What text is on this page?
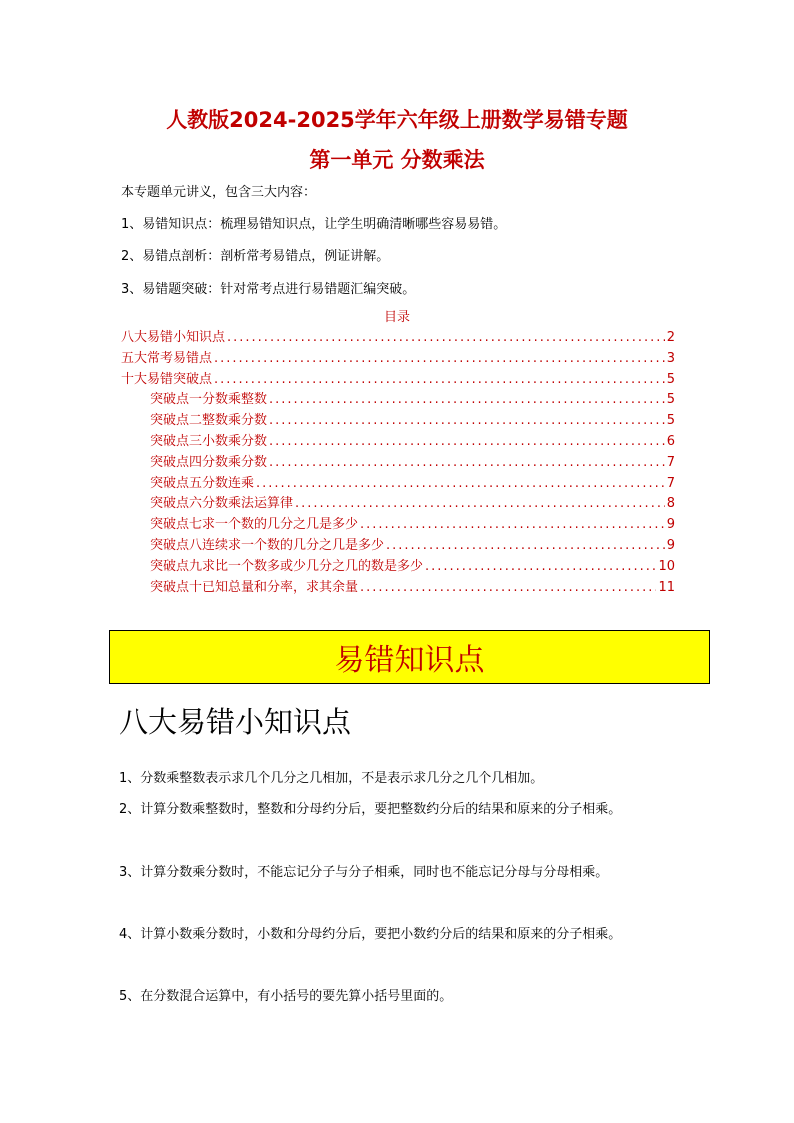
人教版2024-2025学年六年级上册数学易错专题
第一单元 分数乘法
本专题单元讲义，包含三大内容：
1、易错知识点：梳理易错知识点，让学生明确清晰哪些容易易错。
2、易错点剖析：剖析常考易错点，例证讲解。
3、易错题突破：针对常考点进行易错题汇编突破。
目录
八大易错小知识点 .....	2
五大常考易错点 .....	3
十大易错突破点 .....	5
突破点一分数乘整数 .....	5
突破点二整数乘分数 .....	5
突破点三小数乘分数 .....	6
突破点四分数乘分数 .....	7
突破点五分数连乘 .....	7
突破点六分数乘法运算律 .....	8
突破点七求一个数的几分之几是多少 .....	9
突破点八连续求一个数的几分之几是多少 .....	9
突破点九求比一个数多或少几分之几的数是多少 .....	10
突破点十已知总量和分率，求其余量 .....	11
易错知识点
八大易错小知识点
1、分数乘整数表示求几个几分之几相加，不是表示求几分之几个几相加。
2、计算分数乘整数时，整数和分母约分后，要把整数约分后的结果和原来的分子相乘。
3、计算分数乘分数时，不能忘记分子与分子相乘，同时也不能忘记分母与分母相乘。
4、计算小数乘分数时，小数和分母约分后，要把小数约分后的结果和原来的分子相乘。
5、在分数混合运算中，有小括号的要先算小括号里面的。
